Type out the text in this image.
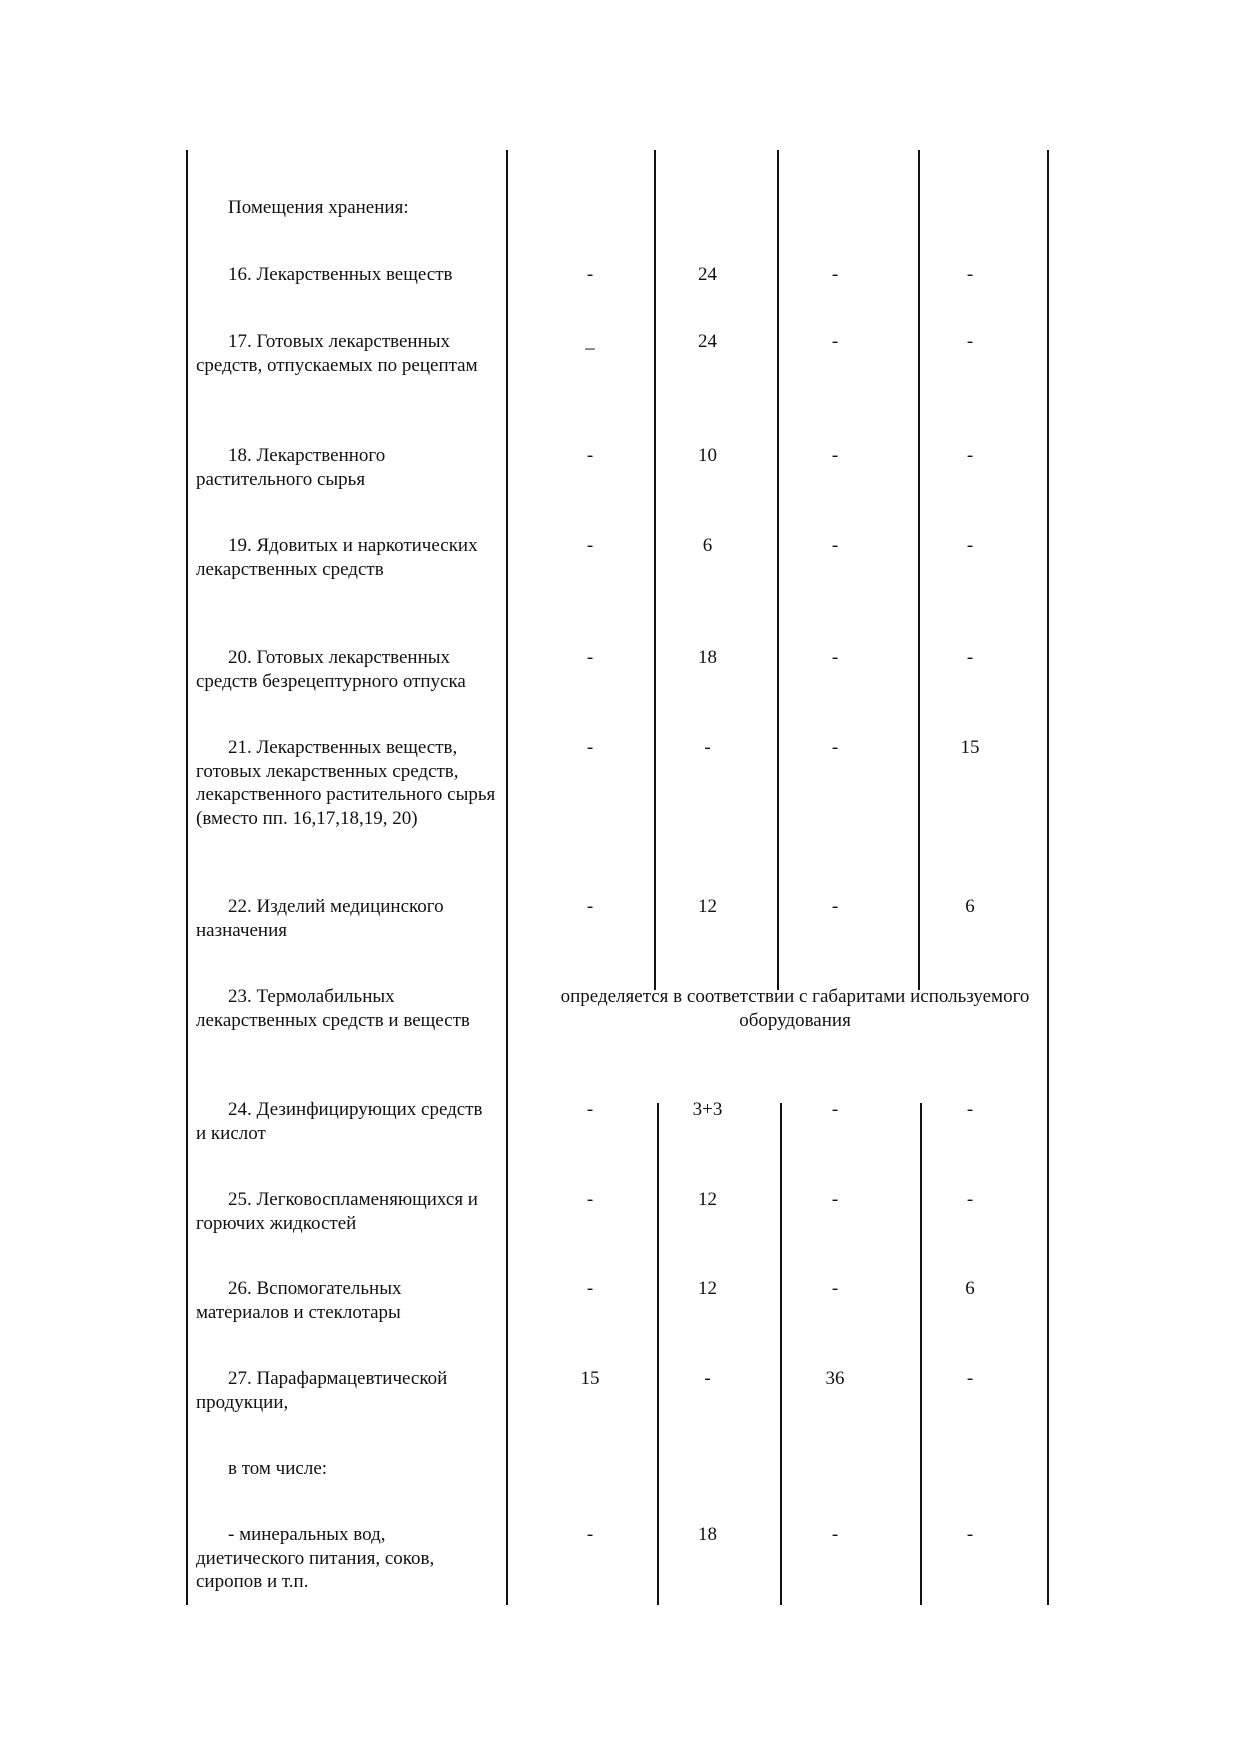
Помещения хранения:
16. Лекарственных веществ	-	24	-	-
17. Готовых лекарственных средств, отпускаемых по рецептам
_	24	-	-
18. Лекарственного растительного сырья
-	10	-	-
19. Ядовитых и наркотических лекарственных средств
-	6	-	-
20. Готовых лекарственных средств безрецептурного отпуска
-	18	-	-
21. Лекарственных веществ, готовых лекарственных средств, лекарственного растительного сырья (вместо пп. 16,17,18,19, 20)
-	-	-	15
22. Изделий медицинского назначения
-	12	-	6
23. Термолабильных лекарственных средств и веществ
определяется в соответствии с габаритами используемого оборудования
24. Дезинфицирующих средств и кислот
-	3+3	-	-
25. Легковоспламеняющихся и горючих жидкостей
-	12	-	-
26. Вспомогательных материалов и стеклотары
-	12	-	6
27. Парафармацевтической продукции,
15	-	36	-
в том числе:
- минеральных вод, диетического питания, соков, сиропов и т.п.
-	18	-	-
